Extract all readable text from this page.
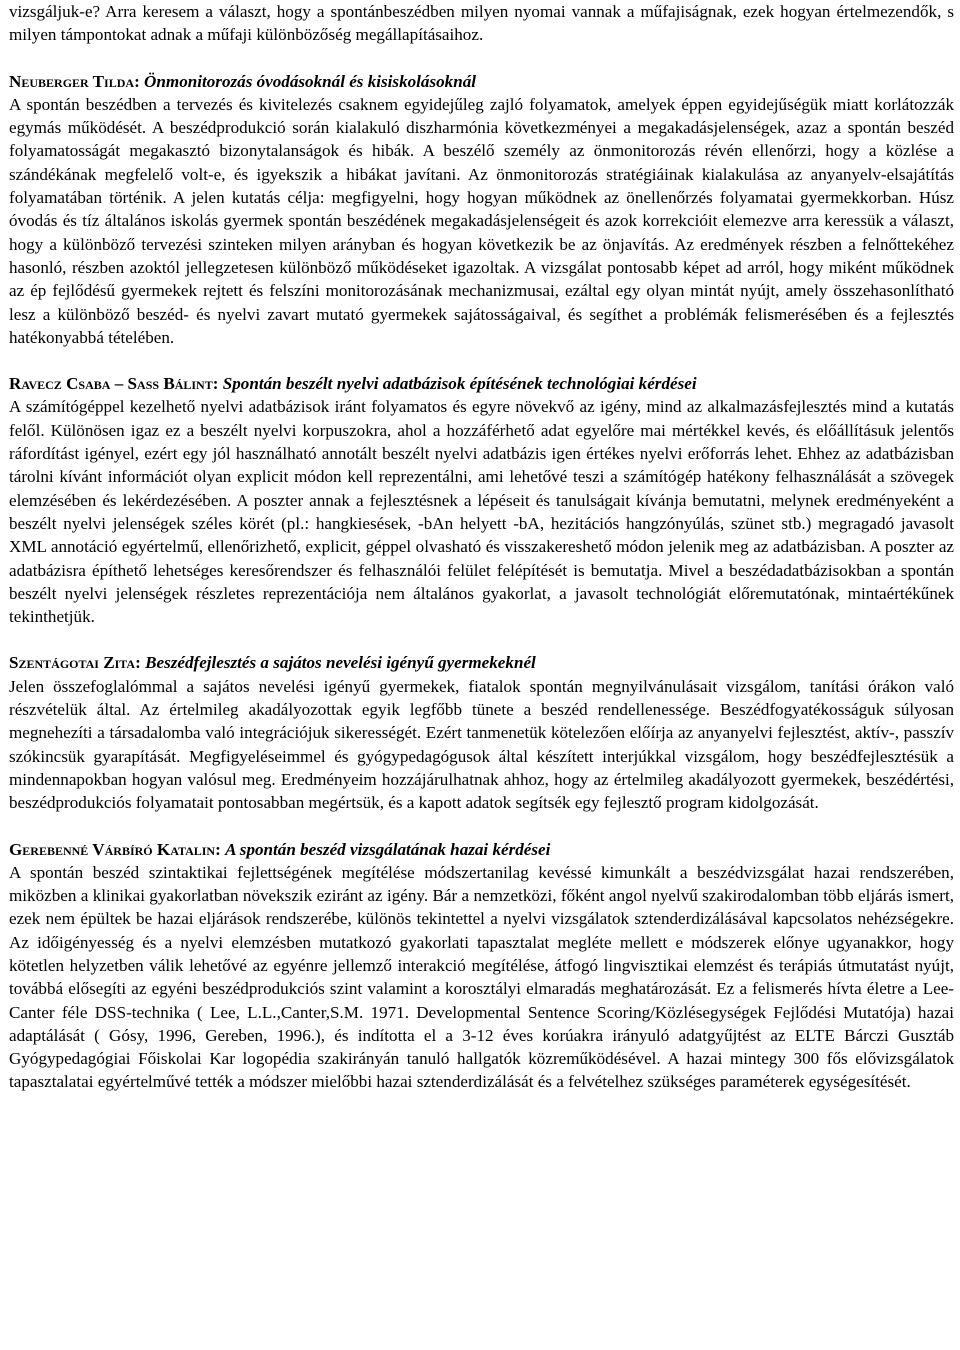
vizsgáljuk-e? Arra keresem a választ, hogy a spontánbeszédben milyen nyomai vannak a műfajiságnak, ezek hogyan értelmezendők, s milyen támpontokat adnak a műfaji különbözőség megállapításaihoz.

Neuberger Tilda: Önmonitorozás óvodásoknál és kisiskolásoknál

A spontán beszédben a tervezés és kivitelezés csaknem egyidejűleg zajló folyamatok, amelyek éppen egyidejűségük miatt korlátozzák egymás működését. A beszédprodukció során kialakuló diszharmónia következményei a megakadásjelenségek, azaz a spontán beszéd folyamatosságát megakasztó bizonytalanságok és hibák. A beszélő személy az önmonitorozás révén ellenőrzi, hogy a közlése a szándékának megfelelő volt-e, és igyekszik a hibákat javítani. Az önmonitorozás stratégiáinak kialakulása az anyanyelv-elsajátítás folyamatában történik. A jelen kutatás célja: megfigyelni, hogy hogyan működnek az önellenőrzés folyamatai gyermekkorban. Húsz óvodás és tíz általános iskolás gyermek spontán beszédének megakadásjelenségeit és azok korrekcióit elemezve arra keressük a választ, hogy a különböző tervezési szinteken milyen arányban és hogyan következik be az önjavítás. Az eredmények részben a felnőttekéhez hasonló, részben azoktól jellegzetesen különböző működéseket igazoltak. A vizsgálat pontosabb képet ad arról, hogy miként működnek az ép fejlődésű gyermekek rejtett és felszíni monitorozásának mechanizmusai, ezáltal egy olyan mintát nyújt, amely összehasonlítható lesz a különböző beszéd- és nyelvi zavart mutató gyermekek sajátosságaival, és segíthet a problémák felismerésében és a fejlesztés hatékonyabbá tételében.

Ravecz Csaba – Sass Bálint: Spontán beszélt nyelvi adatbázisok építésének technológiai kérdései

A számítógéppel kezelhető nyelvi adatbázisok iránt folyamatos és egyre növekvő az igény, mind az alkalmazásfejlesztés mind a kutatás felől. Különösen igaz ez a beszélt nyelvi korpuszokra, ahol a hozzáférhető adat egyelőre mai mértékkel kevés, és előállításuk jelentős ráfordítást igényel, ezért egy jól használható annotált beszélt nyelvi adatbázis igen értékes nyelvi erőforrás lehet. Ehhez az adatbázisban tárolni kívánt információt olyan explicit módon kell reprezentálni, ami lehetővé teszi a számítógép hatékony felhasználását a szövegek elemzésében és lekérdezésében. A poszter annak a fejlesztésnek a lépéseit és tanulságait kívánja bemutatni, melynek eredményeként a beszélt nyelvi jelenségek széles körét (pl.: hangkiesések, -bAn helyett -bA, hezitációs hangzónyúlás, szünet stb.) megragadó javasolt XML annotáció egyértelmű, ellenőrizhető, explicit, géppel olvasható és visszakereshető módon jelenik meg az adatbázisban. A poszter az adatbázisra építhető lehetséges keresőrendszer és felhasználói felület felépítését is bemutatja. Mivel a beszédadatbázisokban a spontán beszélt nyelvi jelenségek részletes reprezentációja nem általános gyakorlat, a javasolt technológiát előremutatónak, mintaértékűnek tekinthetjük.

Szentágotai Zita: Beszédfejlesztés a sajátos nevelési igényű gyermekeknél

Jelen összefoglalómmal a sajátos nevelési igényű gyermekek, fiatalok spontán megnyilvánulásait vizsgálom, tanítási órákon való részvételük által. Az értelmileg akadályozottak egyik legfőbb tünete a beszéd rendellenessége. Beszédfogyatékosságuk súlyosan megnehezíti a társadalomba való integrációjuk sikerességét. Ezért tanmenetük kötelezően előírja az anyanyelvi fejlesztést, aktív-, passzív szókincsük gyarapítását. Megfigyeléseimmel és gyógypedagógusok által készített interjúkkal vizsgálom, hogy beszédfejlesztésük a mindennapokban hogyan valósul meg. Eredményeim hozzájárulhatnak ahhoz, hogy az értelmileg akadályozott gyermekek, beszédértési, beszédprodukciós folyamatait pontosabban megértsük, és a kapott adatok segítsék egy fejlesztő program kidolgozását.

Gerebenné Várbíró Katalin: A spontán beszéd vizsgálatának hazai kérdései

A spontán beszéd szintaktikai fejlettségének megítélése módszertanilag kevéssé kimunkált a beszédvizsgálat hazai rendszerében, miközben a klinikai gyakorlatban növekszik eziránt az igény. Bár a nemzetközi, főként angol nyelvű szakirodalomban több eljárás ismert, ezek nem épültek be hazai eljárások rendszerébe, különös tekintettel a nyelvi vizsgálatok sztenderdizálásával kapcsolatos nehézségekre. Az időigényesség és a nyelvi elemzésben mutatkozó gyakorlati tapasztalat megléte mellett e módszerek előnye ugyanakkor, hogy kötetlen helyzetben válik lehetővé az egyénre jellemző interakció megítélése, átfogó lingvisztikai elemzést és terápiás útmutatást nyújt, továbbá elősegíti az egyéni beszédprodukciós szint valamint a korosztályi elmaradás meghatározását. Ez a felismerés hívta életre a Lee-Canter féle DSS-technika ( Lee, L.L.,Canter,S.M. 1971. Developmental Sentence Scoring/Közlésegységek Fejlődési Mutatója) hazai adaptálását ( Gósy, 1996, Gereben, 1996.), és indította el a 3-12 éves korúakra irányuló adatgyűjtést az ELTE Bárczi Gusztáb Gyógypedagógiai Főiskolai Kar logopédia szakirányán tanuló hallgatók közreműködésével. A hazai mintegy 300 fős elővizsgálatok tapasztalatai egyértelművé tették a módszer mielőbbi hazai sztenderdizálását és a felvételhez szükséges paraméterek egységesítését.
